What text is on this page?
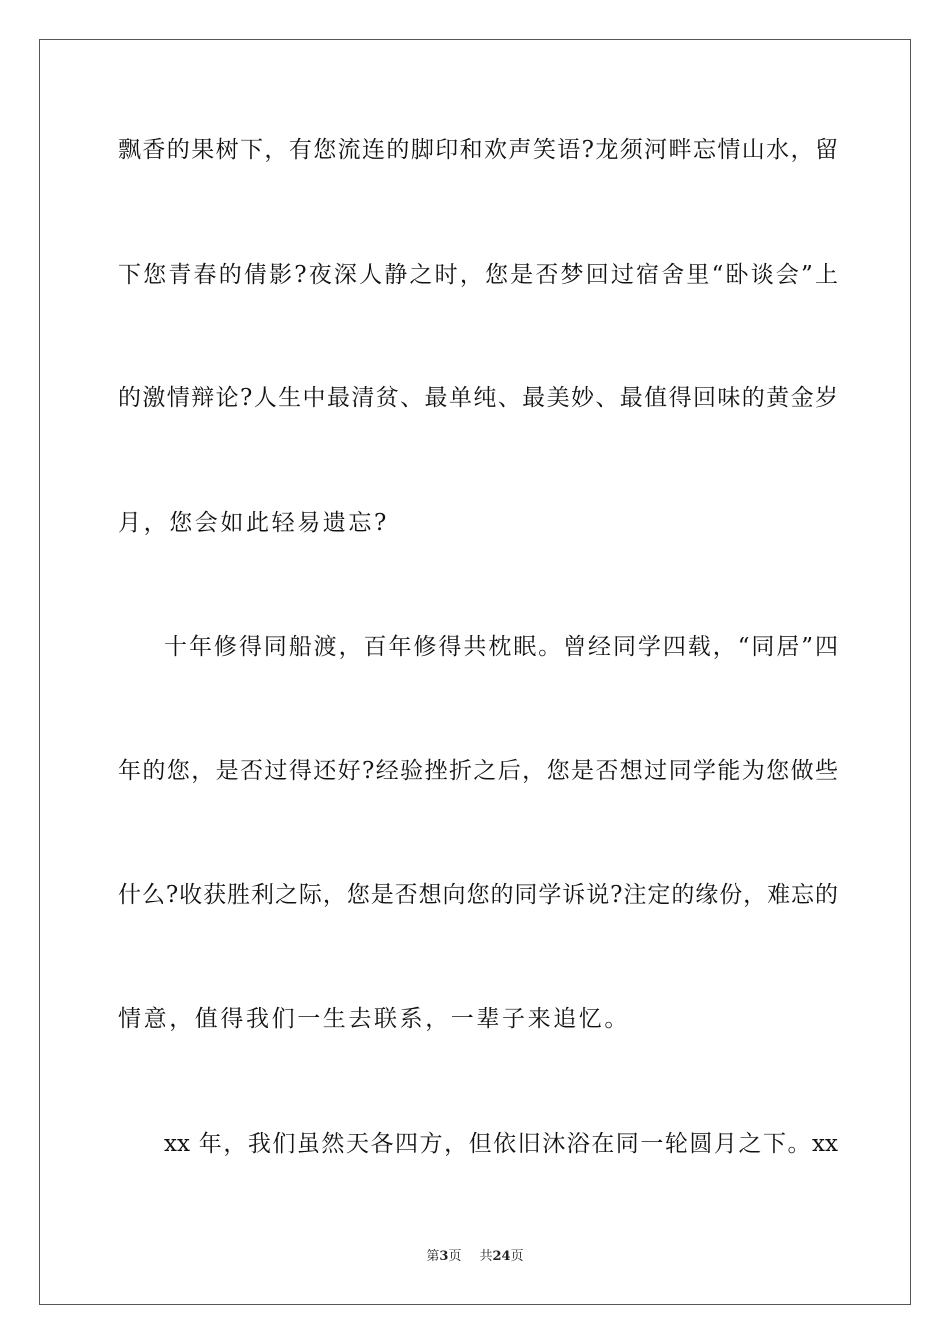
飘香的果树下，有您流连的脚印和欢声笑语?龙须河畔忘情山水，留
下您青春的倩影?夜深人静之时，您是否梦回过宿舍里“卧谈会”上
的激情辩论?人生中最清贫、最单纯、最美妙、最值得回味的黄金岁
月，您会如此轻易遗忘?
十年修得同船渡，百年修得共枕眠。曾经同学四载，“同居”四
年的您，是否过得还好?经验挫折之后，您是否想过同学能为您做些
什么?收获胜利之际，您是否想向您的同学诉说?注定的缘份，难忘的
情意，值得我们一生去联系，一辈子来追忆。
xx 年，我们虽然天各四方，但依旧沐浴在同一轮圆月之下。xx
第3页 共24页
